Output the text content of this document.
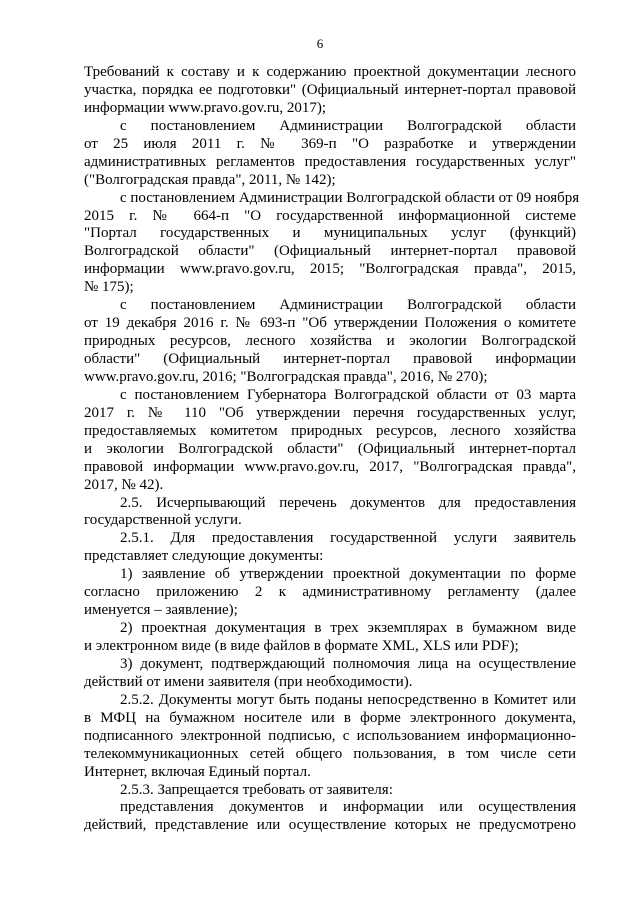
6
Требований к составу и к содержанию проектной документации лесного
участка, порядка ее подготовки" (Официальный интернет-портал правовой
информации www.pravo.gov.ru, 2017);
с постановлением Администрации Волгоградской области
от 25 июля 2011 г. № 369-п "О разработке и утверждении
административных регламентов предоставления государственных услуг"
("Волгоградская правда", 2011, № 142);
с постановлением Администрации Волгоградской области от 09 ноября
2015 г. № 664-п "О государственной информационной системе
"Портал государственных и муниципальных услуг (функций)
Волгоградской области" (Официальный интернет-портал правовой
информации www.pravo.gov.ru, 2015; "Волгоградская правда", 2015,
№ 175);
с постановлением Администрации Волгоградской области
от 19 декабря 2016 г. № 693-п "Об утверждении Положения о комитете
природных ресурсов, лесного хозяйства и экологии Волгоградской
области" (Официальный интернет-портал правовой информации
www.pravo.gov.ru, 2016; "Волгоградская правда", 2016, № 270);
с постановлением Губернатора Волгоградской области от 03 марта
2017 г. № 110 "Об утверждении перечня государственных услуг,
предоставляемых комитетом природных ресурсов, лесного хозяйства
и экологии Волгоградской области" (Официальный интернет-портал
правовой информации www.pravo.gov.ru, 2017, "Волгоградская правда",
2017, № 42).
2.5. Исчерпывающий перечень документов для предоставления
государственной услуги.
2.5.1. Для предоставления государственной услуги заявитель
представляет следующие документы:
1) заявление об утверждении проектной документации по форме
согласно приложению 2 к административному регламенту (далее
именуется – заявление);
2) проектная документация в трех экземплярах в бумажном виде
и электронном виде (в виде файлов в формате XML, XLS или PDF);
3) документ, подтверждающий полномочия лица на осуществление
действий от имени заявителя (при необходимости).
2.5.2. Документы могут быть поданы непосредственно в Комитет или
в МФЦ на бумажном носителе или в форме электронного документа,
подписанного электронной подписью, с использованием информационно-
телекоммуникационных сетей общего пользования, в том числе сети
Интернет, включая Единый портал.
2.5.3. Запрещается требовать от заявителя:
представления документов и информации или осуществления
действий, представление или осуществление которых не предусмотрено
